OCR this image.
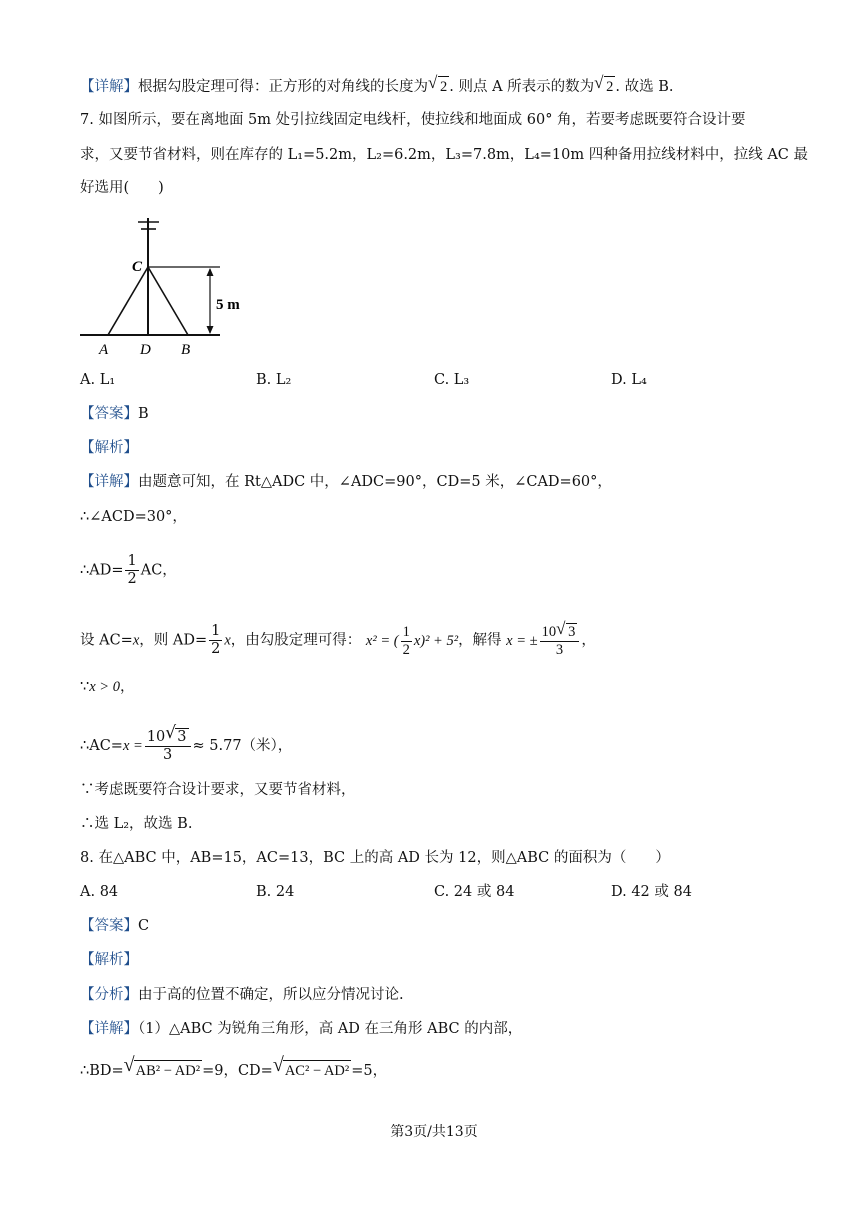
【详解】根据勾股定理可得：正方形的对角线的长度为 √ 2 . 则点 A 所表示的数为 √ 2 . 故选 B.
7. 如图所示，要在离地面 5m 处引拉线固定电线杆，使拉线和地面成 60° 角，若要考虑既要符合设计要
求，又要节省材料，则在库存的 L₁=5.2m，L₂=6.2m，L₃=7.8m，L₄=10m 四种备用拉线材料中，拉线 AC 最
好选用(　　)
C
5 m
A D B
A. L₁	B. L₂	C. L₃	D. L₄
【答案】B
【解析】
【详解】由题意可知，在 Rt△ADC 中，∠ADC=90°，CD=5 米，∠CAD=60°，
∴∠ACD=30°，
∴AD= $\frac{1}{2}$ AC，
设 AC=x，则 $AD= \frac{1}{2}$ x，由勾股定理可得： x² = ( $\frac{1}{2} x)^2 + 5^2$，解得 x = ± $\frac{10 √ 3}{3}$ ，
∵x > 0，
∴AC=x = $\frac{10 √ 3}{3} \approx 5.77$（米），
∵考虑既要符合设计要求，又要节省材料，
∴选 L₂，故选 B.
8. 在△ABC 中，AB=15，AC=13，BC 上的高 AD 长为 12，则△ABC 的面积为（　　）
A. 84	B. 24	C. 24 或 84	D. 42 或 84
【答案】C
【解析】
【分析】由于高的位置不确定，所以应分情况讨论.
【详解】（1）△ABC 为锐角三角形，高 AD 在三角形 ABC 的内部，
∴BD= √ AB² − AD² =9，CD= √ AC² − AD² =5，
第3页/共13页
